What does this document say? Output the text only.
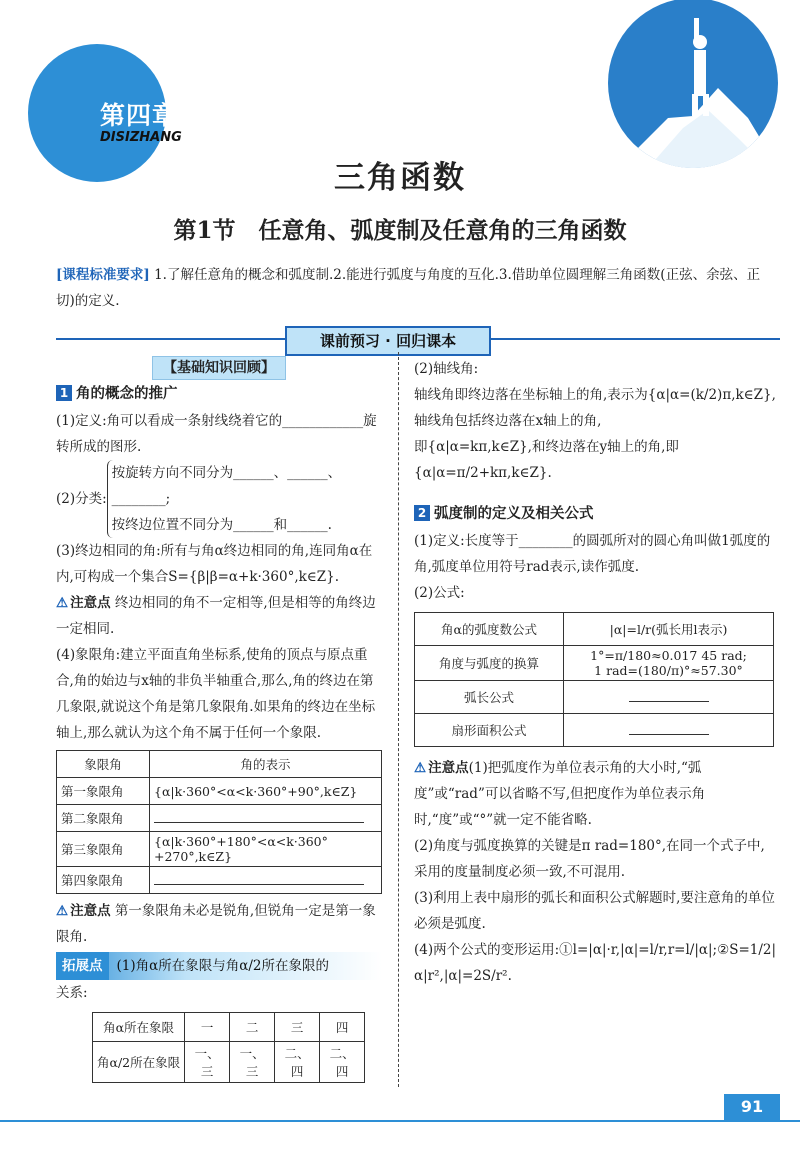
第四章
DISIZHANG
三角函数
第1节　任意角、弧度制及任意角的三角函数
[课程标准要求] 1.了解任意角的概念和弧度制.2.能进行弧度与角度的互化.3.借助单位圆理解三角函数(正弦、余弦、正切)的定义.
课前预习 · 回归课本
【基础知识回顾】
1 角的概念的推广

(1)定义:角可以看成一条射线绕着它的____________旋转所成的图形.

(2)分类:
按旋转方向不同分为______、______、
________;
按终边位置不同分为______和______.

(3)终边相同的角:所有与角α终边相同的角,连同角α在内,可构成一个集合S={β|β=α+k·360°,k∈Z}.

⚠ 注意点 终边相同的角不一定相等,但是相等的角终边一定相同.

(4)象限角:建立平面直角坐标系,使角的顶点与原点重合,角的始边与x轴的非负半轴重合,那么,角的终边在第几象限,就说这个角是第几象限角.如果角的终边在坐标轴上,那么就认为这个角不属于任何一个象限.

象限角	角的表示
第一象限角	{α|k·360°<α<k·360°+90°,k∈Z}
第二象限角	
第三象限角	{α|k·360°+180°<α<k·360°+270°,k∈Z}
第四象限角	

⚠ 注意点 第一象限角未必是锐角,但锐角一定是第一象限角.

拓展点 (1)角α所在象限与角α/2所在象限的

关系:

角α所在象限	一	二	三	四
角α/2所在象限	一、三	一、三	二、四	二、四

(2)轴线角:

轴线角即终边落在坐标轴上的角,表示为{α|α=(k/2)π,k∈Z},轴线角包括终边落在x轴上的角,

即{α|α=kπ,k∈Z},和终边落在y轴上的角,即

{α|α=π/2+kπ,k∈Z}.

2 弧度制的定义及相关公式

(1)定义:长度等于________的圆弧所对的圆心角叫做1弧度的角,弧度单位用符号rad表示,读作弧度.

(2)公式:

角α的弧度数公式	|α|=l/r(弧长用l表示)
角度与弧度的换算	1°=π/180≈0.017 45 rad;
1 rad=(180/π)°≈57.30°

弧长公式	
扇形面积公式	

⚠ 注意点(1)把弧度作为单位表示角的大小时,“弧度”或“rad”可以省略不写,但把度作为单位表示角时,“度”或“°”就一定不能省略.

(2)角度与弧度换算的关键是π rad=180°,在同一个式子中,采用的度量制度必须一致,不可混用.

(3)利用上表中扇形的弧长和面积公式解题时,要注意角的单位必须是弧度.

(4)两个公式的变形运用:①l=|α|·r,|α|=l/r,r=l/|α|;②S=1/2|α|r²,|α|=2S/r².

91
